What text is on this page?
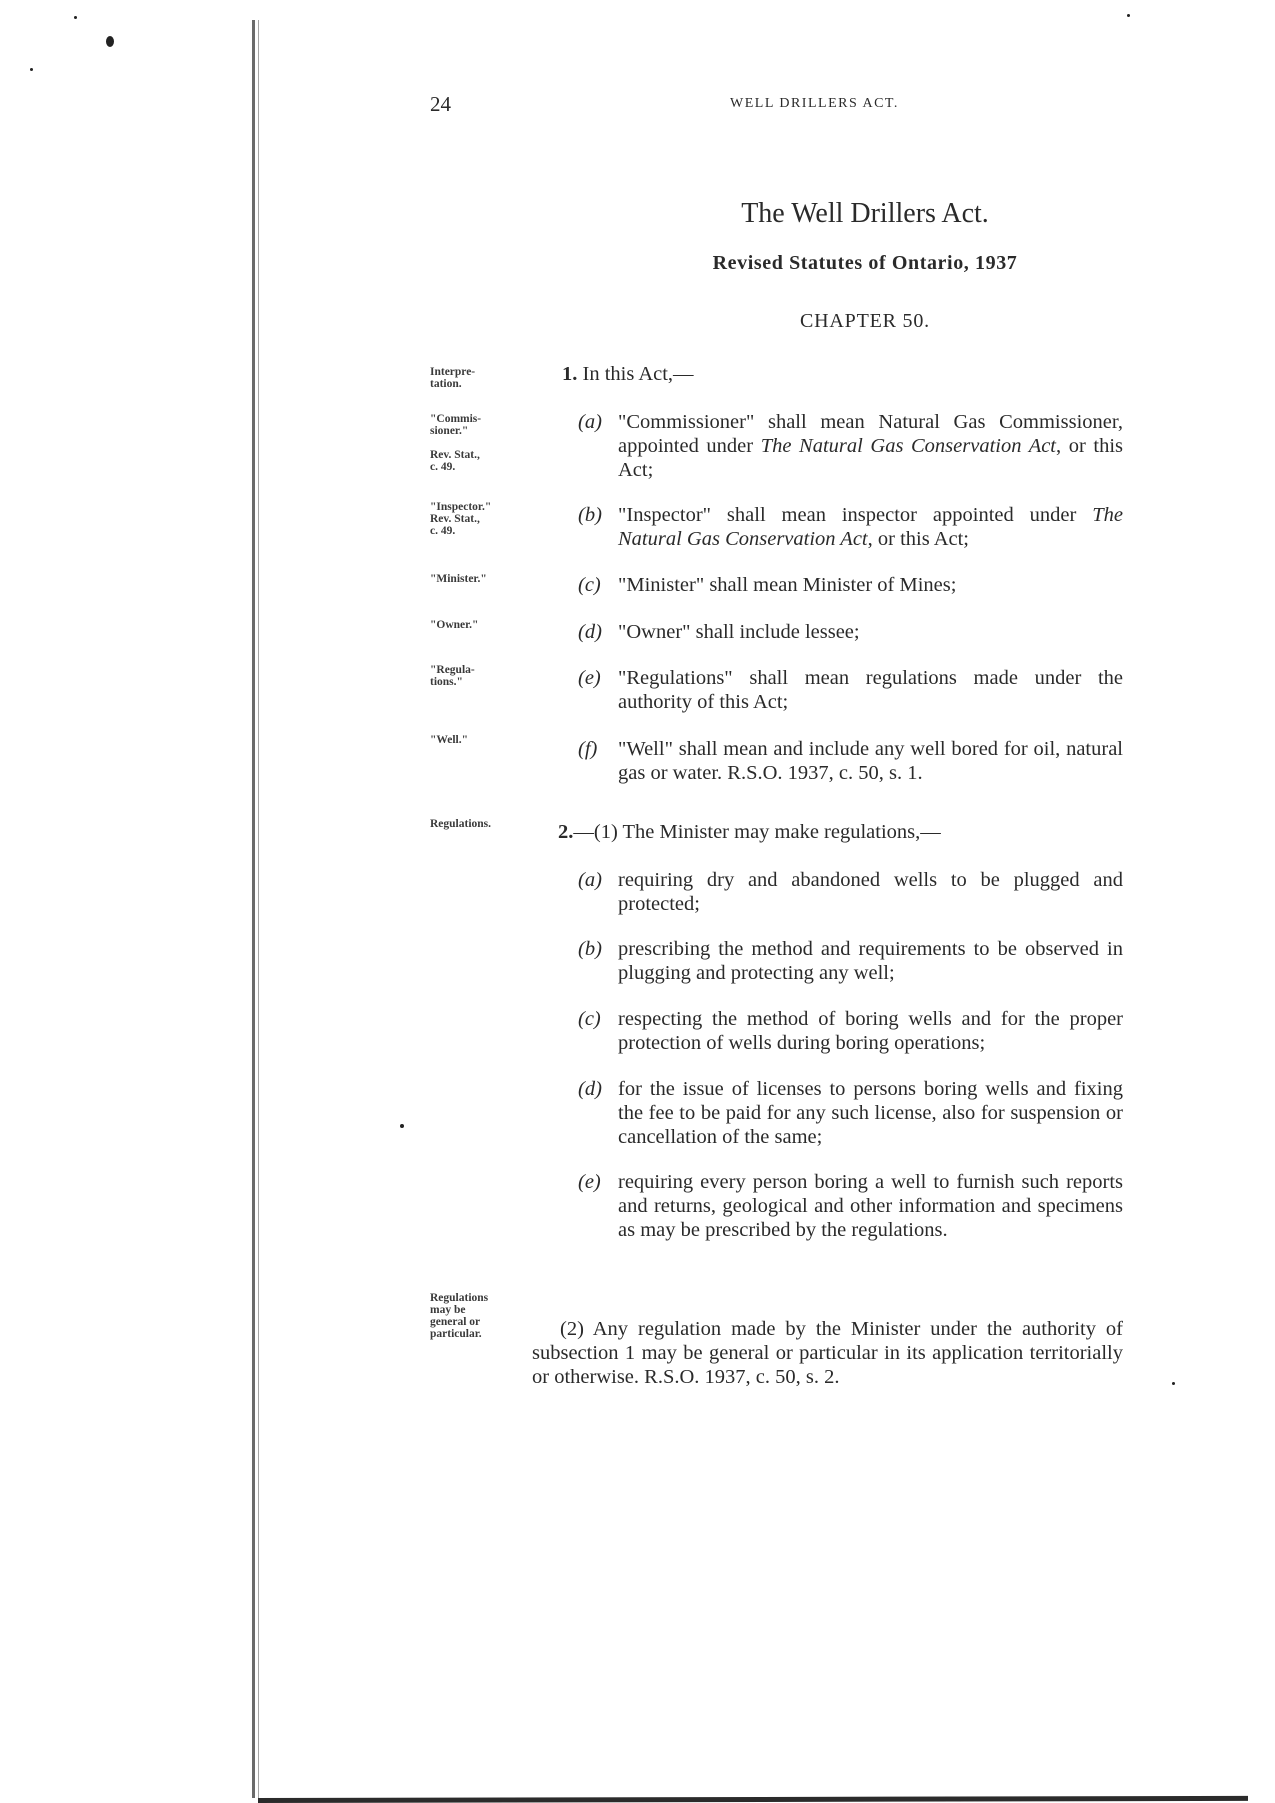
24	WELL DRILLERS ACT.

The Well Drillers Act.

Revised Statutes of Ontario, 1937

CHAPTER 50.

Interpre-
tation.
"Commis-
sioner."
Rev. Stat.,
c. 49.
"Inspector."
Rev. Stat.,
c. 49.
"Minister."
"Owner."
"Regula-
tions."
"Well."
Regulations.
Regulations
may be
general or
particular.
1. In this Act,—
(a) "Commissioner" shall mean Natural Gas Commissioner, appointed under The Natural Gas Conservation Act, or this Act;
(b) "Inspector" shall mean inspector appointed under The Natural Gas Conservation Act, or this Act;
(c) "Minister" shall mean Minister of Mines;
(d) "Owner" shall include lessee;
(e) "Regulations" shall mean regulations made under the authority of this Act;
(f)	"Well" shall mean and include any well bored for oil, natural gas or water. R.S.O. 1937, c. 50, s. 1.
2.—(1) The Minister may make regulations,—
(a) requiring dry and abandoned wells to be plugged and protected;
(b) prescribing the method and requirements to be observed in plugging and protecting any well;
(c) respecting the method of boring wells and for the proper protection of wells during boring operations;
(d) for the issue of licenses to persons boring wells and fixing the fee to be paid for any such license, also for suspension or cancellation of the same;
(e) requiring every person boring a well to furnish such reports and returns, geological and other information and specimens as may be prescribed by the regulations.

(2) Any regulation made by the Minister under the authority of subsection 1 may be general or particular in its application territorially or otherwise. R.S.O. 1937, c. 50, s. 2.
